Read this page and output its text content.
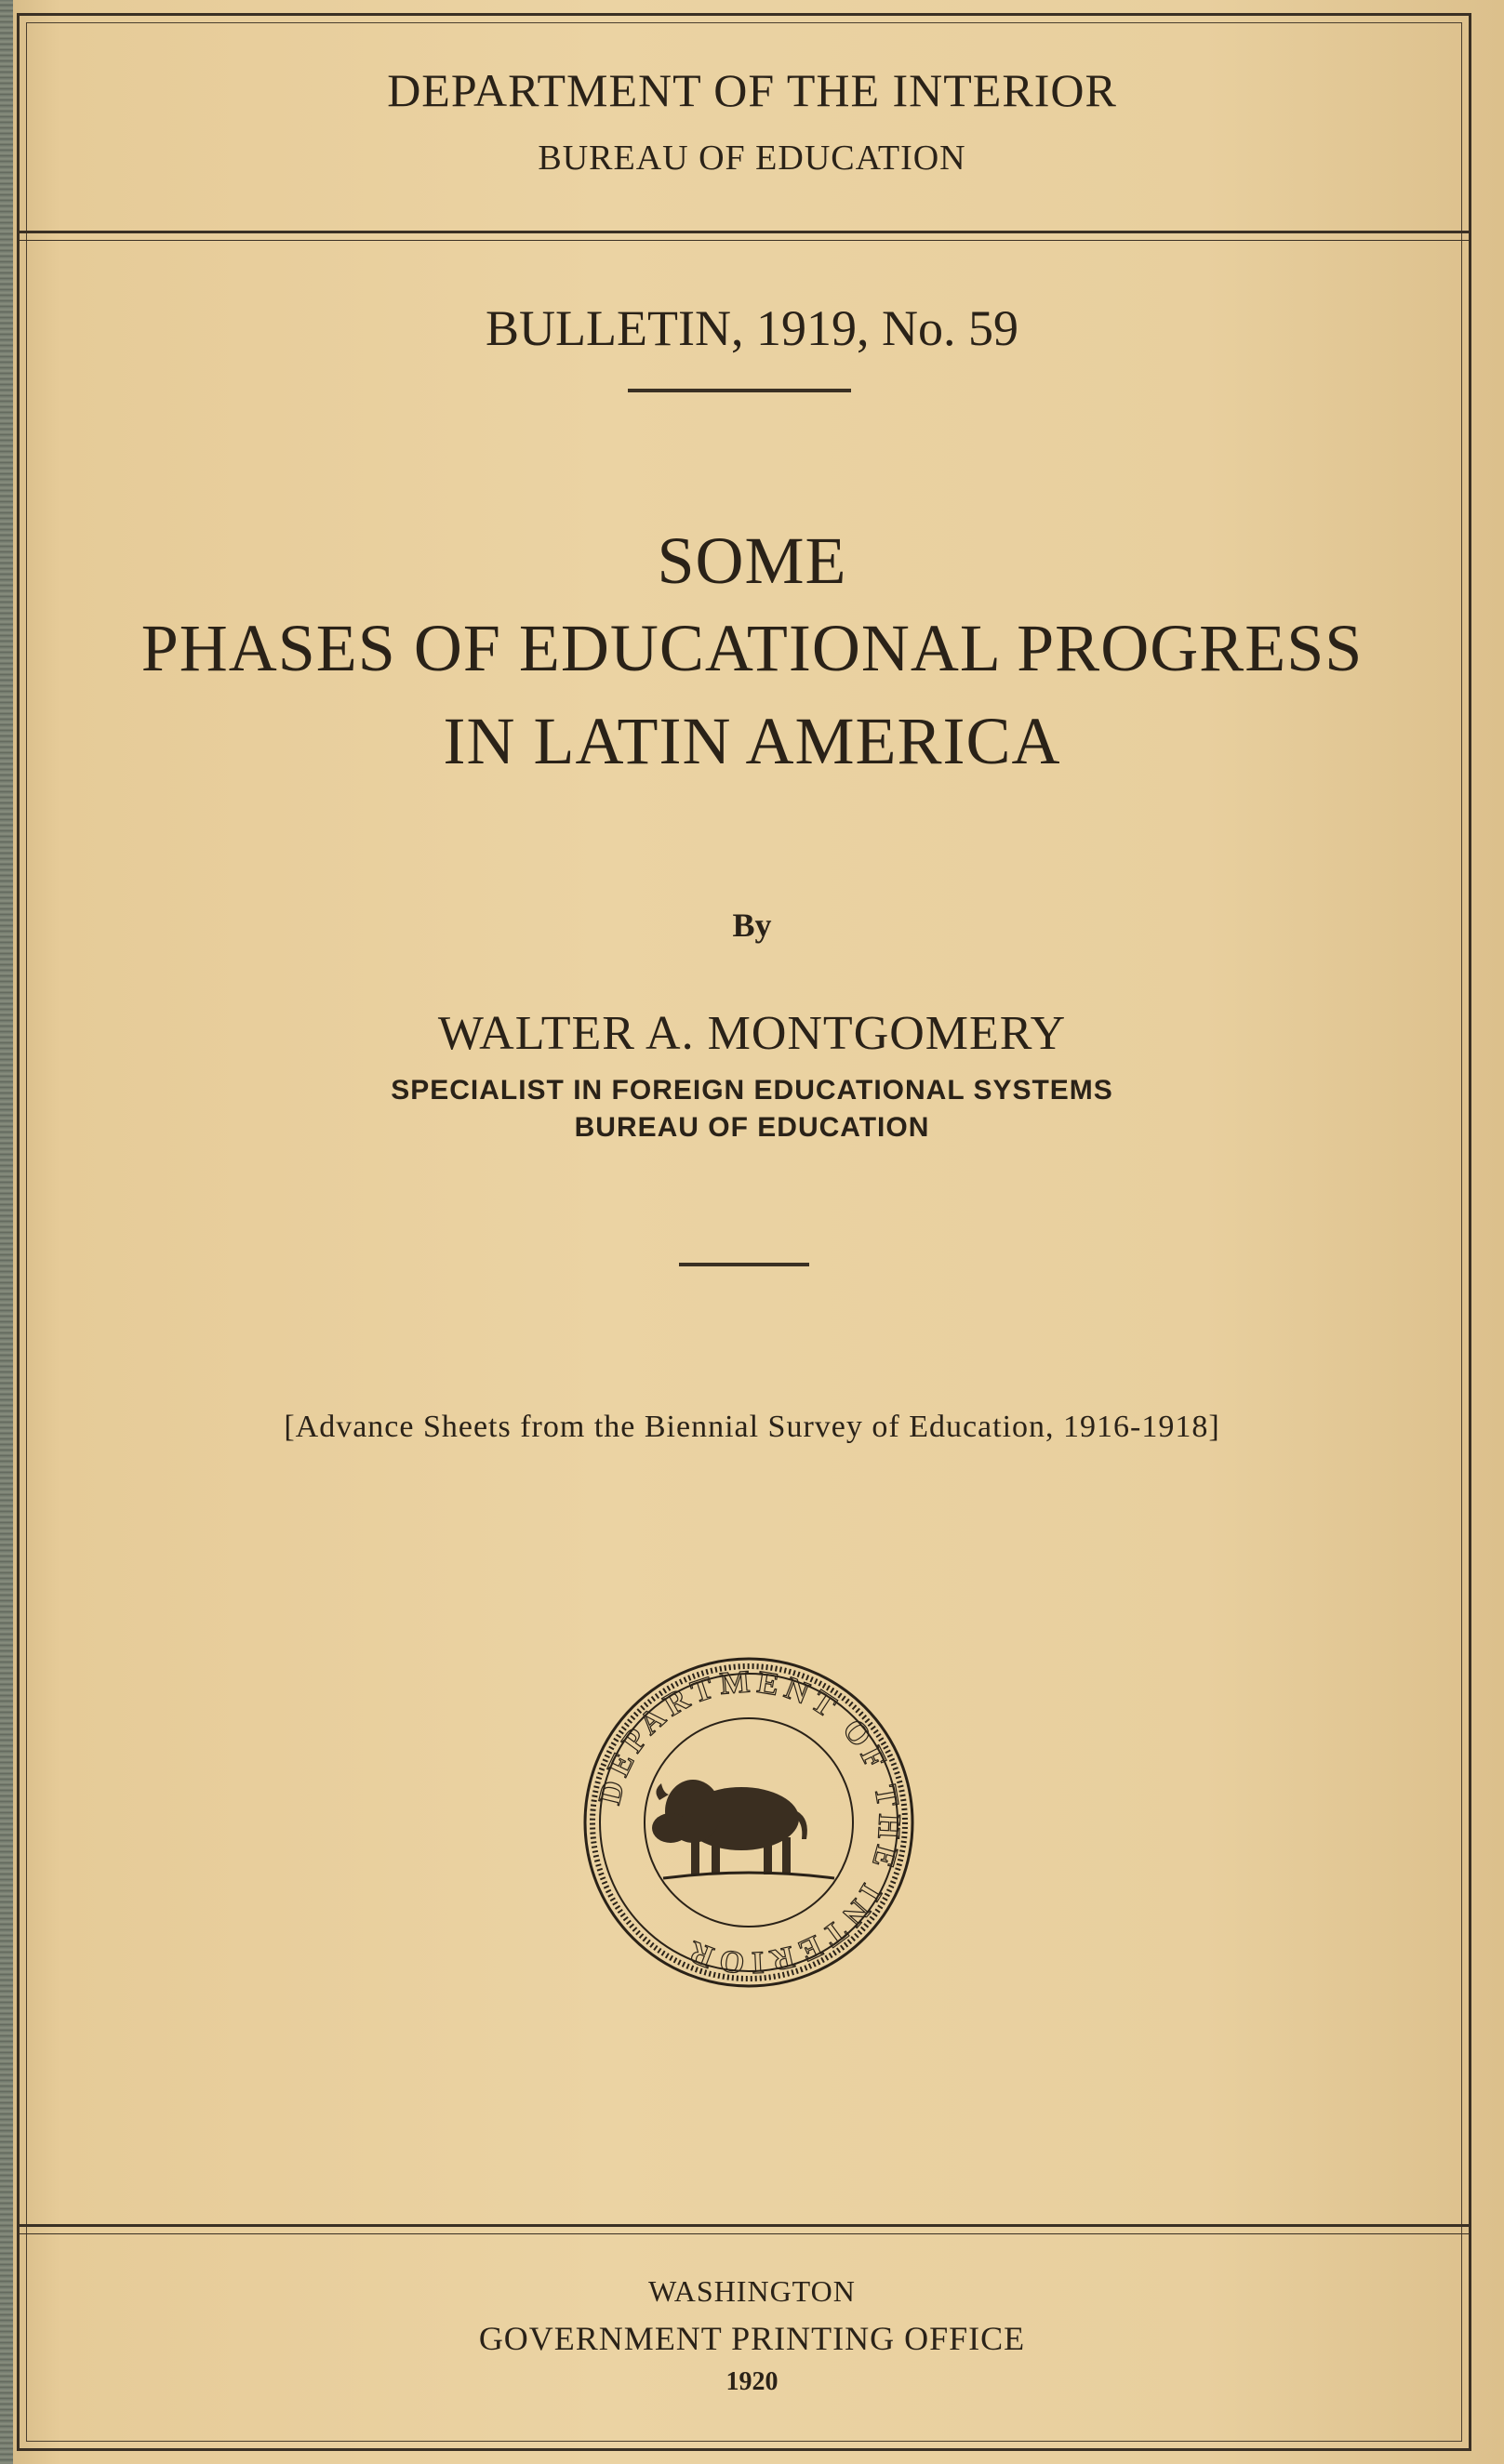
DEPARTMENT OF THE INTERIOR
BUREAU OF EDUCATION
BULLETIN, 1919, No. 59
SOME
PHASES OF EDUCATIONAL PROGRESS
IN LATIN AMERICA
By
WALTER A. MONTGOMERY
SPECIALIST IN FOREIGN EDUCATIONAL SYSTEMS
BUREAU OF EDUCATION
[Advance Sheets from the Biennial Survey of Education, 1916-1918]
DEPARTMENT OF THE INTERIOR
WASHINGTON
GOVERNMENT PRINTING OFFICE
1920
